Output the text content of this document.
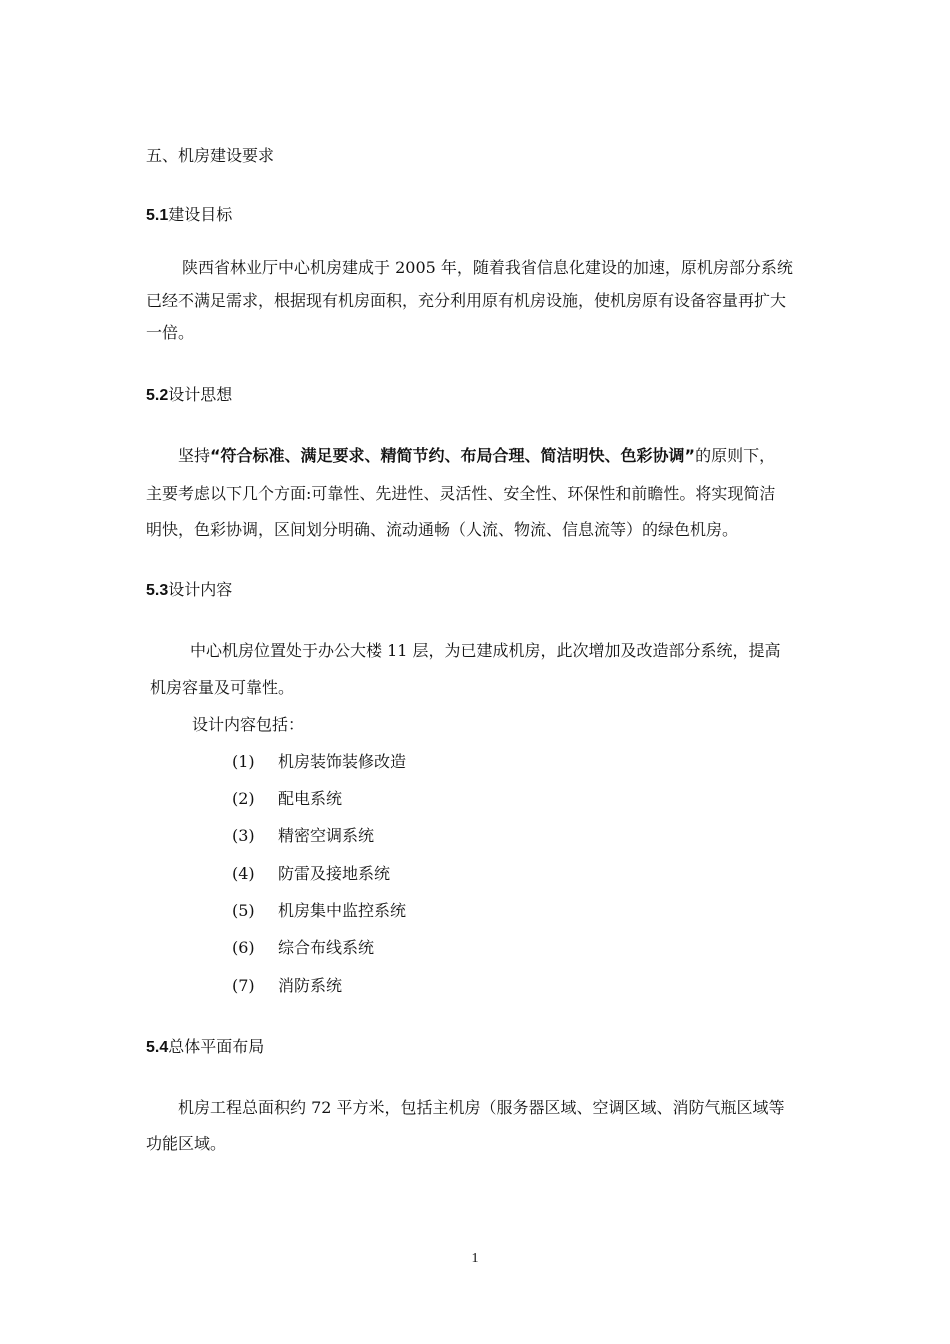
五、机房建设要求

5.1建设目标

陕西省林业厅中心机房建成于 2005 年，随着我省信息化建设的加速，原机房部分系统

已经不满足需求，根据现有机房面积，充分利用原有机房设施，使机房原有设备容量再扩大

一倍。

5.2设计思想

坚持“符合标准、满足要求、精简节约、布局合理、简洁明快、色彩协调”的原则下，

主要考虑以下几个方面:可靠性、先进性、灵活性、安全性、环保性和前瞻性。将实现简洁

明快，色彩协调，区间划分明确、流动通畅（人流、物流、信息流等）的绿色机房。

5.3设计内容

中心机房位置处于办公大楼 11 层，为已建成机房，此次增加及改造部分系统，提高

机房容量及可靠性。

设计内容包括：

(1) 机房装饰装修改造

(2) 配电系统

(3) 精密空调系统

(4) 防雷及接地系统

(5) 机房集中监控系统

(6) 综合布线系统

(7) 消防系统

5.4总体平面布局

机房工程总面积约 72 平方米，包括主机房（服务器区域、空调区域、消防气瓶区域等

功能区域。

1
